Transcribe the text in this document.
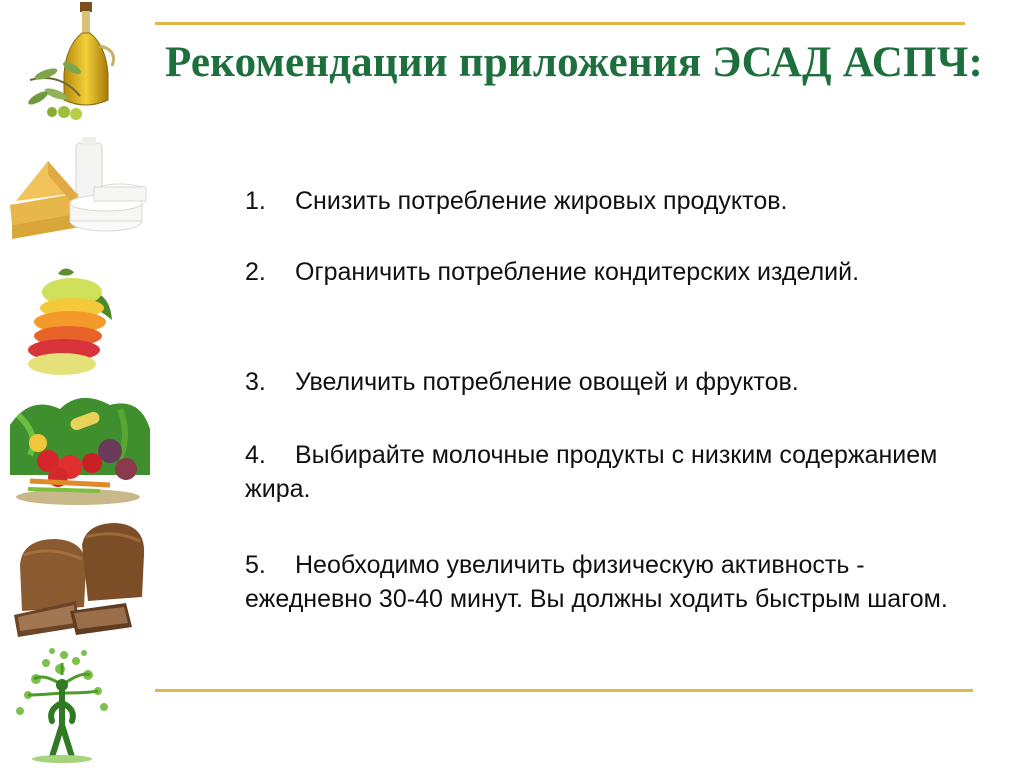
Рекомендации приложения ЭСАД АСПЧ:
1. Снизить потребление жировых продуктов.
2. Ограничить потребление кондитерских изделий.
3. Увеличить потребление овощей и фруктов.
4. Выбирайте молочные продукты с низким содержанием жира.
5. Необходимо увеличить физическую активность - ежедневно 30-40 минут. Вы должны ходить быстрым шагом.
